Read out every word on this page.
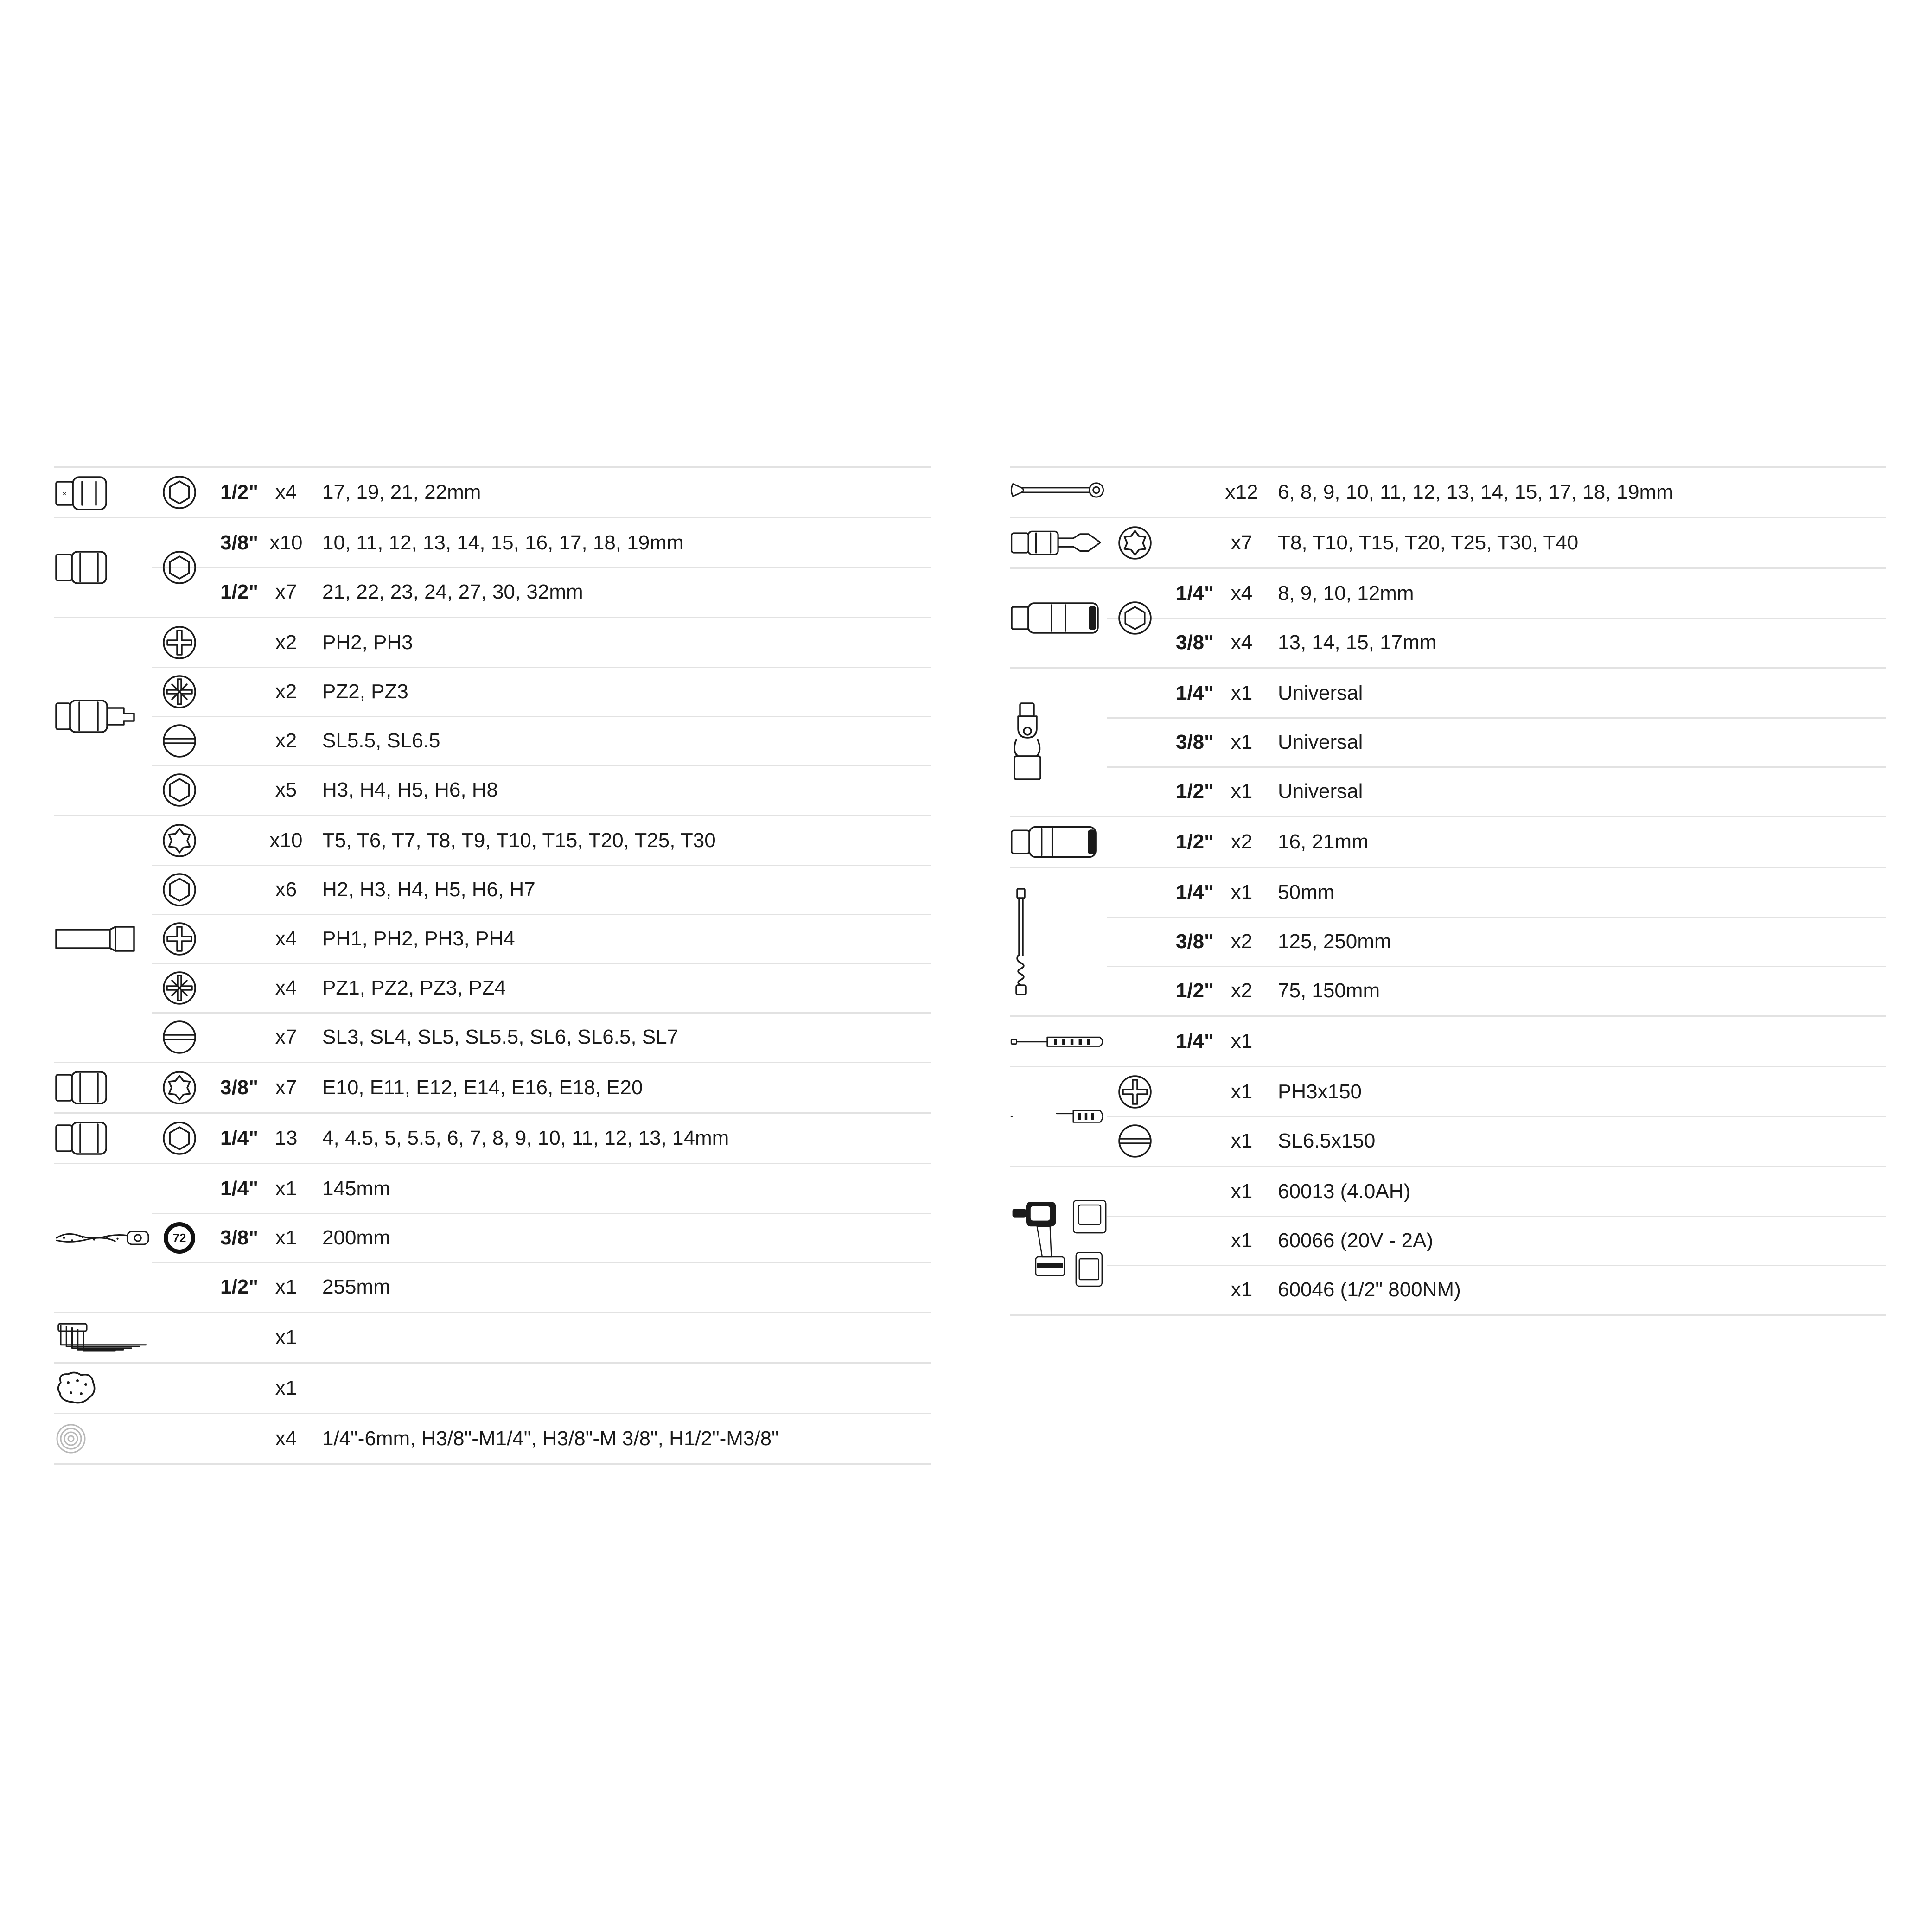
✕	1/2" x4	17, 19, 21, 22mm
3/8" x10 10, 11, 12, 13, 14, 15, 16, 17, 18, 19mm
1/2" x7	21, 22, 23, 24, 27, 30, 32mm
x2	PH2, PH3
x2	PZ2, PZ3
x2	SL5.5, SL6.5
x5	H3, H4, H5, H6, H8
x10 T5, T6, T7, T8, T9, T10, T15, T20, T25, T30
x6	H2, H3, H4, H5, H6, H7
x4	PH1, PH2, PH3, PH4
x4	PZ1, PZ2, PZ3, PZ4
x7	SL3, SL4, SL5, SL5.5, SL6, SL6.5, SL7
3/8" x7	E10, E11, E12, E14, E16, E18, E20
1/4" 13	4, 4.5, 5, 5.5, 6, 7, 8, 9, 10, 11, 12, 13, 14mm
1/4" x1	145mm
3/8" x1	200mm
1/2" x1	255mm
72
x1
x1
x4	1/4"-6mm, H3/8"-M1/4", H3/8"-M 3/8", H1/2"-M3/8"
x12 6, 8, 9, 10, 11, 12, 13, 14, 15, 17, 18, 19mm
x7	T8, T10, T15, T20, T25, T30, T40
1/4" x4	8, 9, 10, 12mm
3/8" x4	13, 14, 15, 17mm
1/4" x1	Universal
3/8" x1	Universal
1/2" x1	Universal
1/2" x2	16, 21mm
1/4" x1	50mm
3/8" x2	125, 250mm
1/2" x2	75, 150mm
1/4" x1
x1	PH3x150
x1	SL6.5x150
x1	60013 (4.0AH)
x1	60066 (20V - 2A)
x1	60046 (1/2" 800NM)
